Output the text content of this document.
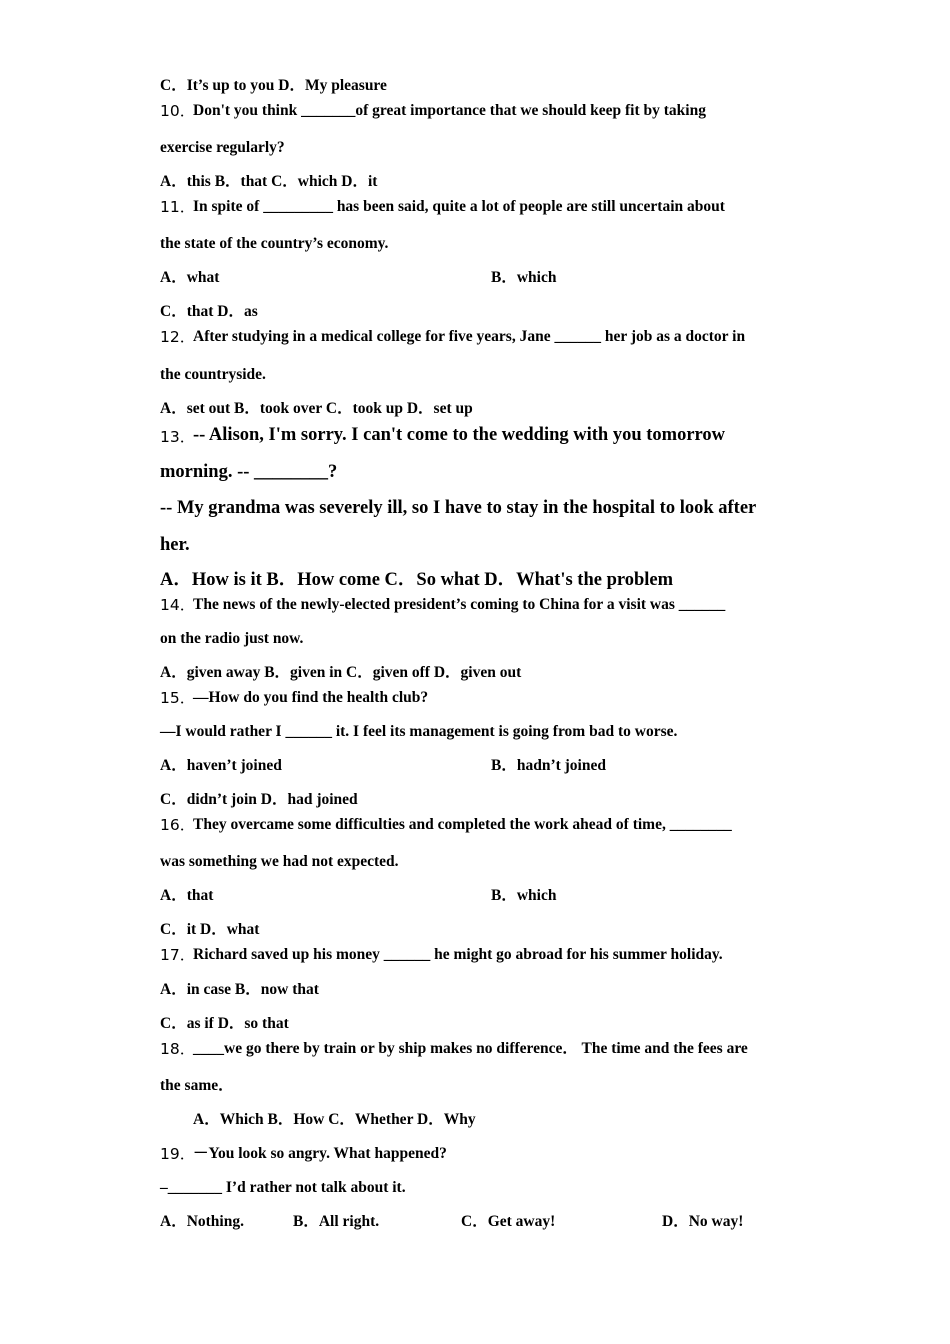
C．It’s up to you D．My pleasure
10．
Don't you think _______of great importance that we should keep fit by taking
exercise regularly?
A．this B．that C．which D．it
11．
In spite of _________ has been said, quite a lot of people are still uncertain about
the state of the country’s economy.
A．what	B．which
C．that D．as
12．
After studying in a medical college for five years, Jane ______ her job as a doctor in
the countryside.
A．set out B．took over C．took up D．set up
13．
-- Alison, I'm sorry. I can't come to the wedding with you tomorrow
morning. -- ________?
-- My grandma was severely ill, so I have to stay in the hospital to look after
her.
A．How is it B．How come C．So what D．What's the problem
14．
The news of the newly-elected president’s coming to China for a visit was ______
on the radio just now.
A．given away B．given in C．given off D．given out
15．
—How do you find the health club?
—I would rather I ______ it. I feel its management is going from bad to worse.
A．haven’t joined	B．hadn’t joined
C．didn’t join D．had joined
16．
They overcame some difficulties and completed the work ahead of time, ________
was something we had not expected.
A．that	B．which
C．it D．what
17．
Richard saved up his money ______ he might go abroad for his summer holiday.
A．in case B．now that
C．as if D．so that
18．
____we go there by train or by ship makes no difference． The time and the fees are
the same．
A．Which B．How C．Whether D．Why
19．
－You look so angry. What happened?
–_______ I’d rather not talk about it.
A．Nothing.	B．All right.	C．Get away!	D．No way!
